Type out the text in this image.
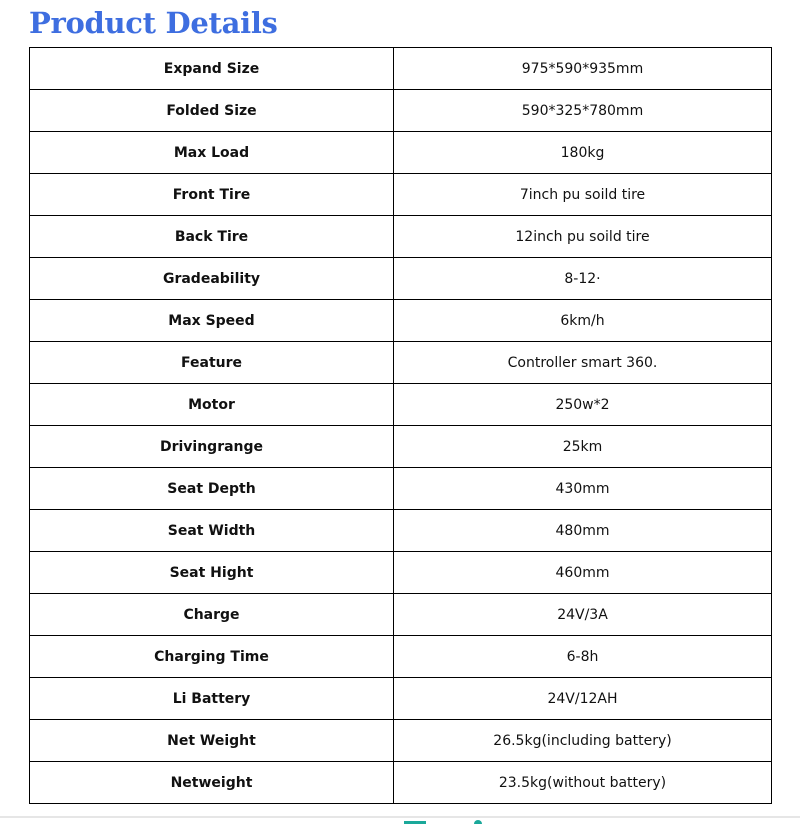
Product Details
Expand Size	975*590*935mm
Folded Size	590*325*780mm
Max Load	180kg
Front Tire	7inch pu soild tire
Back Tire	12inch pu soild tire
Gradeability	8-12·
Max Speed	6km/h
Feature	Controller smart 360.
Motor	250w*2
Drivingrange	25km
Seat Depth	430mm
Seat Width	480mm
Seat Hight	460mm
Charge	24V/3A
Charging Time	6-8h
Li Battery	24V/12AH
Net Weight	26.5kg(including battery)
Netweight	23.5kg(without battery)
